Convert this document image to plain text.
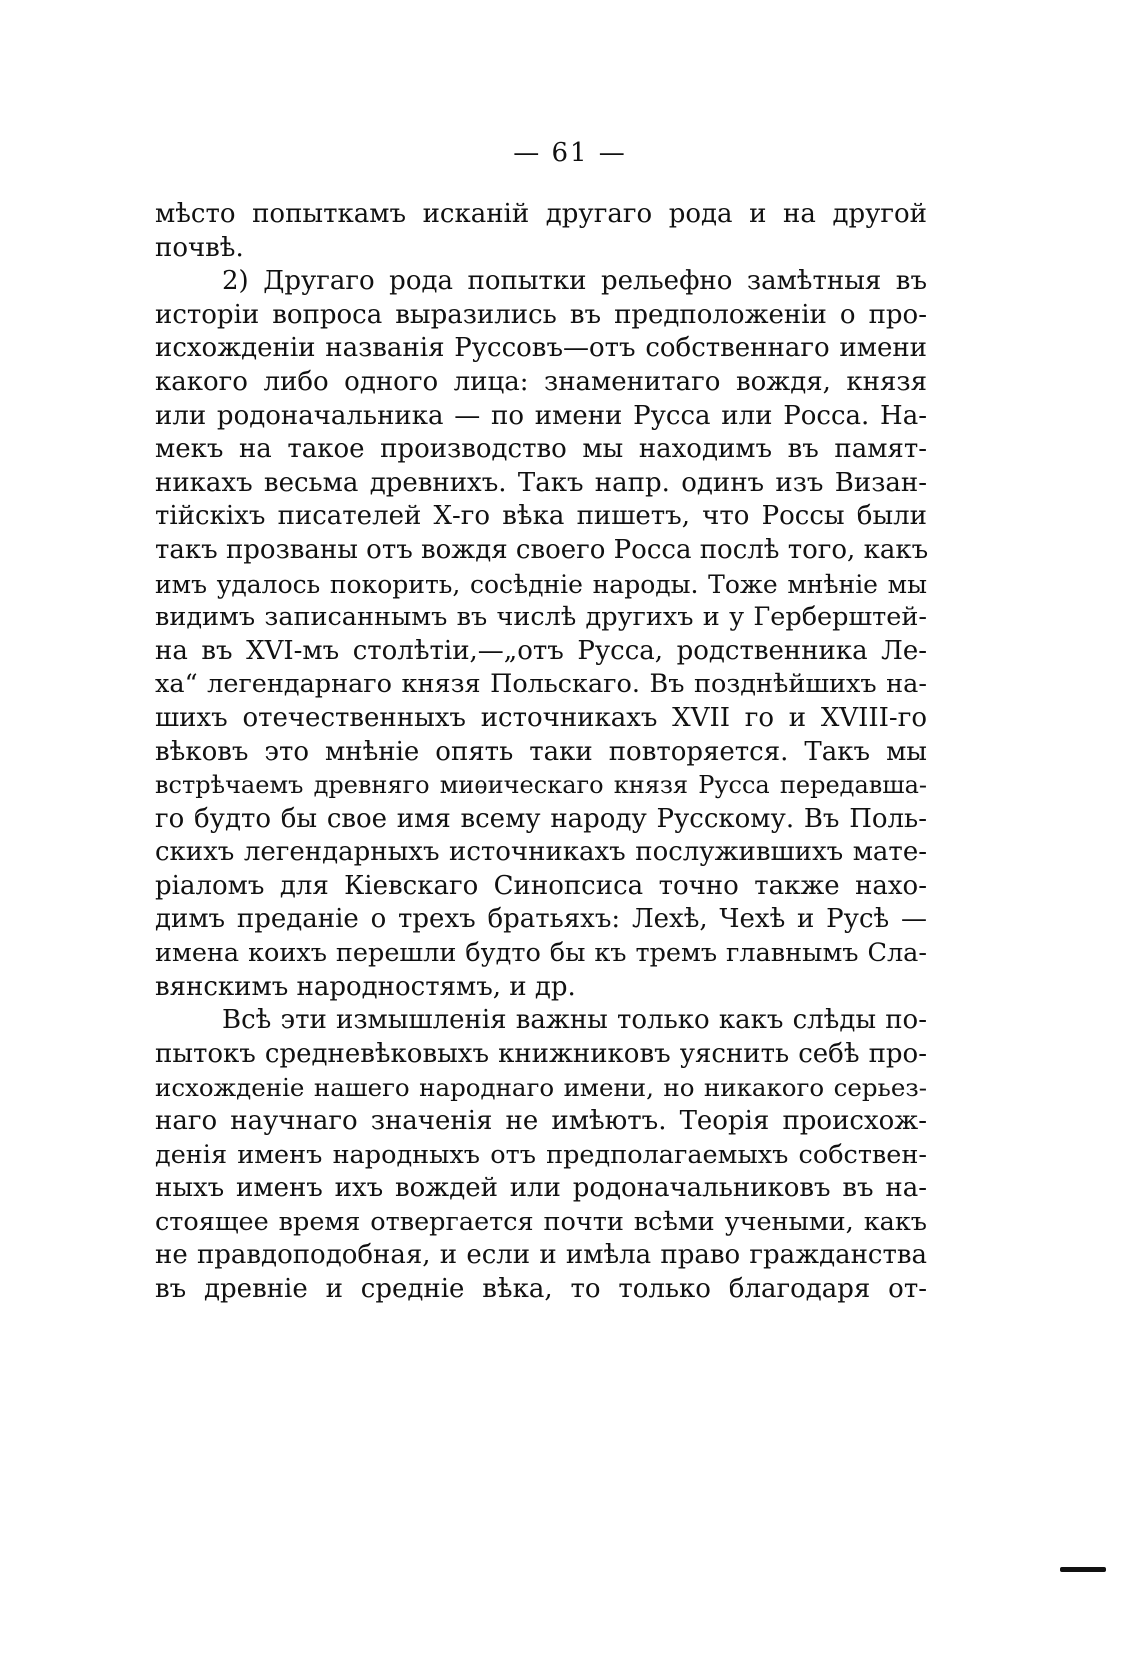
— 61 —
мѣсто попыткамъ исканій другаго рода и на другой
почвѣ.
2) Другаго рода попытки рельефно замѣтныя въ
исторіи вопроса выразились въ предположеніи о про-
исхожденіи названія Руссовъ—отъ собственнаго имени
какого либо одного лица: знаменитаго вождя, князя
или родоначальника — по имени Русса или Росса. На-
мекъ на такое производство мы находимъ въ памят-
никахъ весьма древнихъ. Такъ напр. одинъ изъ Визан-
тійскіхъ писателей Х-го вѣка пишетъ, что Россы были
такъ прозваны отъ вождя своего Росса послѣ того, какъ
имъ удалось покорить, сосѣдніе народы. Тоже мнѣніе мы
видимъ записаннымъ въ числѣ другихъ и у Герберштей-
на въ XVI-мъ столѣтіи,—„отъ Русса, родственника Ле-
ха“ легендарнаго князя Польскаго. Въ позднѣйшихъ на-
шихъ отечественныхъ источникахъ XVII го и XVIII-го
вѣковъ это мнѣніе опять таки повторяется. Такъ мы
встрѣчаемъ древняго миѳическаго князя Русса передавша-
го будто бы свое имя всему народу Русскому. Въ Поль-
скихъ легендарныхъ источникахъ послужившихъ мате-
ріаломъ для Кіевскаго Синопсиса точно также нахо-
димъ преданіе о трехъ братьяхъ: Лехѣ, Чехѣ и Русѣ —
имена коихъ перешли будто бы къ тремъ главнымъ Сла-
вянскимъ народностямъ, и др.
Всѣ эти измышленія важны только какъ слѣды по-
пытокъ средневѣковыхъ книжниковъ уяснить себѣ про-
исхожденіе нашего народнаго имени, но никакого серьез-
наго научнаго значенія не имѣютъ. Теорія происхож-
денія именъ народныхъ отъ предполагаемыхъ собствен-
ныхъ именъ ихъ вождей или родоначальниковъ въ на-
стоящее время отвергается почти всѣми учеными, какъ
не правдоподобная, и если и имѣла право гражданства
въ древніе и средніе вѣка, то только благодаря от-
